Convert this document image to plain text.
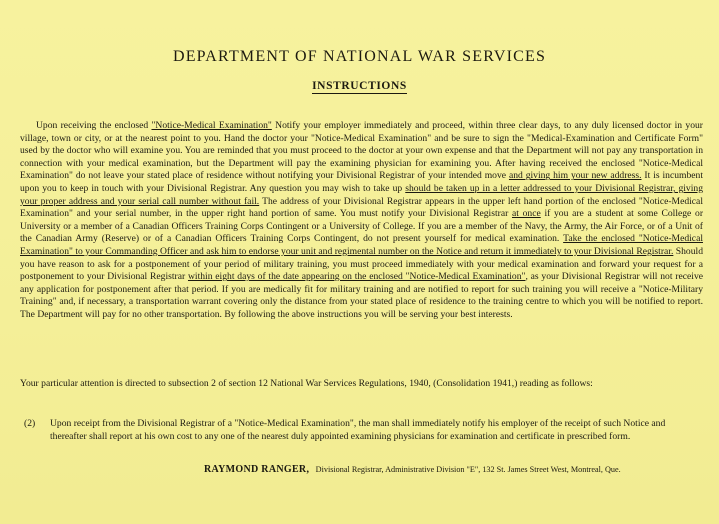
DEPARTMENT OF NATIONAL WAR SERVICES
INSTRUCTIONS

Upon receiving the enclosed "Notice-Medical Examination" Notify your employer immediately and proceed, within three clear days, to any duly licensed doctor in your village, town or city, or at the nearest point to you. Hand the doctor your "Notice-Medical Examination" and be sure to sign the "Medical-Examination and Certificate Form" used by the doctor who will examine you. You are reminded that you must proceed to the doctor at your own expense and that the Department will not pay any transportation in connection with your medical examination, but the Department will pay the examining physician for examining you. After having received the enclosed "Notice-Medical Examination" do not leave your stated place of residence without notifying your Divisional Registrar of your intended move and giving him your new address. It is incumbent upon you to keep in touch with your Divisional Registrar. Any question you may wish to take up should be taken up in a letter addressed to your Divisional Registrar, giving your proper address and your serial call number without fail. The address of your Divisional Registrar appears in the upper left hand portion of the enclosed "Notice-Medical Examination" and your serial number, in the upper right hand portion of same. You must notify your Divisional Registrar at once if you are a student at some College or University or a member of a Canadian Officers Training Corps Contingent or a University of College. If you are a member of the Navy, the Army, the Air Force, or of a Unit of the Canadian Army (Reserve) or of a Canadian Officers Training Corps Contingent, do not present yourself for medical examination. Take the enclosed "Notice-Medical Examination" to your Commanding Officer and ask him to endorse your unit and regimental number on the Notice and return it immediately to your Divisional Registrar. Should you have reason to ask for a postponement of your period of military training, you must proceed immediately with your medical examination and forward your request for a postponement to your Divisional Registrar within eight days of the date appearing on the enclosed "Notice-Medical Examination", as your Divisional Registrar will not receive any application for postponement after that period. If you are medically fit for military training and are notified to report for such training you will receive a "Notice-Military Training" and, if necessary, a transportation warrant covering only the distance from your stated place of residence to the training centre to which you will be notified to report. The Department will pay for no other transportation. By following the above instructions you will be serving your best interests.

Your particular attention is directed to subsection 2 of section 12 National War Services Regulations, 1940, (Consolidation 1941,) reading as follows:
(2)	Upon receipt from the Divisional Registrar of a "Notice-Medical Examination", the man shall immediately notify his employer of the receipt of such Notice and thereafter shall report at his own cost to any one of the nearest duly appointed examining physicians for examination and certificate in prescribed form.
RAYMOND RANGER, Divisional Registrar, Administrative Division "E", 132 St. James Street West, Montreal, Que.
